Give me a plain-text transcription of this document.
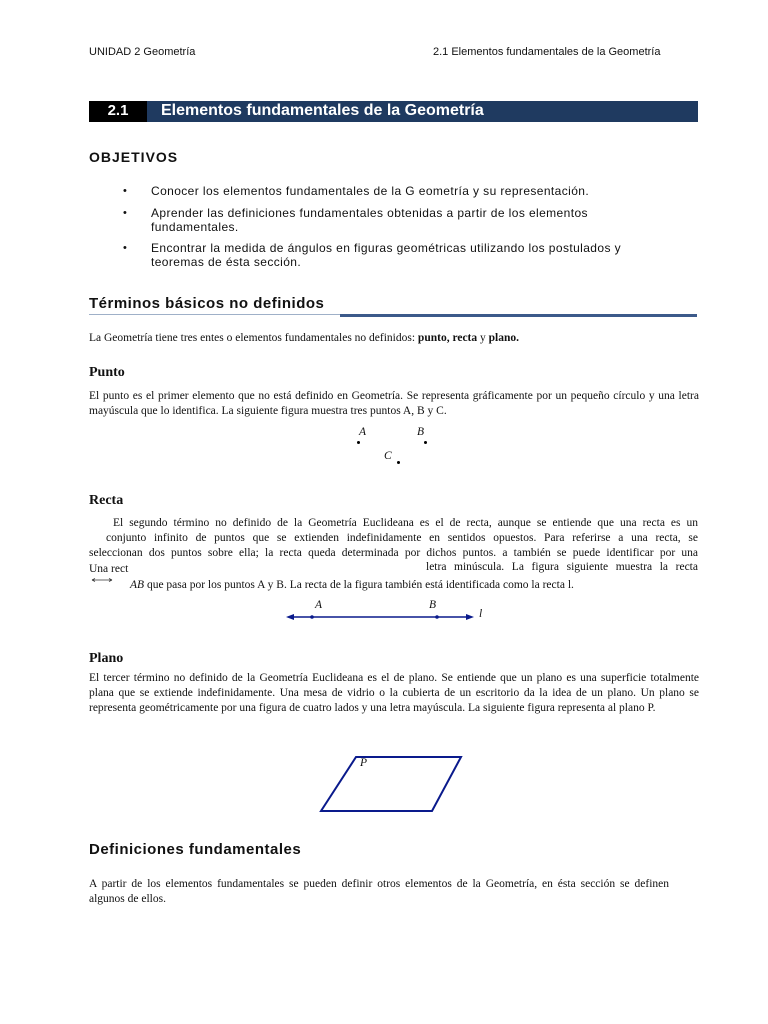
UNIDAD 2 Geometría	2.1 Elementos fundamentales de la Geometría
2.1	Elementos fundamentales de la Geometría
OBJETIVOS
• Conocer los elementos fundamentales de la G eometría y su representación.
• Aprender las definiciones fundamentales obtenidas a partir de los elementos fundamentales.
• Encontrar la medida de ángulos en figuras geométricas utilizando los postulados y teoremas de ésta sección.
Términos básicos no definidos
La Geometría tiene tres entes o elementos fundamentales no definidos: punto, recta y plano.
Punto
El punto es el primer elemento que no está definido en Geometría. Se representa gráficamente por un pequeño círculo y una letra mayúscula que lo identifica. La siguiente figura muestra tres puntos A, B y C.
A	B
C
Recta
El segundo término no definido de la Geometría Euclideana es el de recta, aunque se entiende que una recta es un
conjunto infinito de puntos que se extienden indefinidamente en sentidos opuestos. Para referirse a una recta, se
seleccionan dos puntos sobre ella; la recta queda determinada por dichos puntos. a también se puede identificar por una
Una rect	letra minúscula. La figura siguiente muestra la recta
AB que pasa por los puntos A y B. La recta de la figura también está identificada como la recta l.
A	B
l
Plano
El tercer término no definido de la Geometría Euclideana es el de plano. Se entiende que un plano es una superficie totalmente plana que se extiende indefinidamente. Una mesa de vidrio o la cubierta de un escritorio da la idea de un plano. Un plano se representa geométricamente por una figura de cuatro lados y una letra mayúscula. La siguiente figura representa al plano P.
P
Definiciones fundamentales
A partir de los elementos fundamentales se pueden definir otros elementos de la Geometría, en ésta sección se definen algunos de ellos.
